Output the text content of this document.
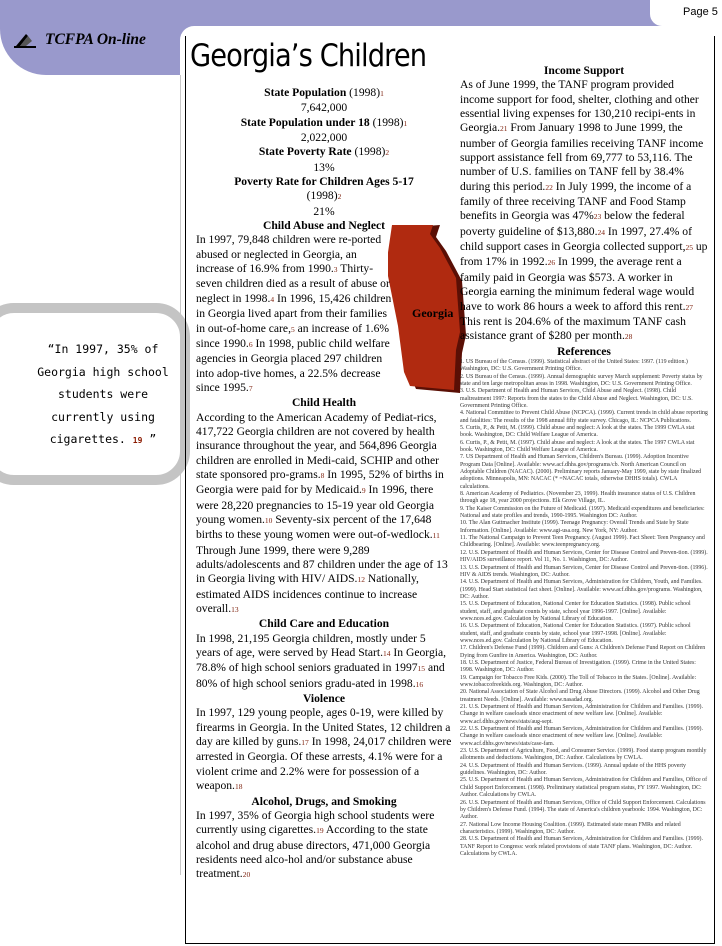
Page 5
TCFPA On-line
“In 1997, 35% of Georgia high school students were currently using cigarettes. 19 ”
Georgia’s Children
Georgia
State Population (1998)1
7,642,000
State Population under 18 (1998)1
2,022,000
State Poverty Rate (1998)2
13%
Poverty Rate for Children Ages 5-17
(1998)2
21%
Child Abuse and Neglect
In 1997, 79,848 children were re-ported abused or neglected in Georgia, an increase of 16.9% from 1990.3 Thirty-seven children died as a result of abuse or neglect in 1998.4 In 1996, 15,426 children in Georgia lived apart from their families in out-of-home care,5 an increase of 1.6% since 1990.6 In 1998, public child welfare agencies in Georgia placed 297 children into adop-tive homes, a 22.5% decrease since 1995.7
Child Health
According to the American Academy of Pediat-rics, 417,722 Georgia children are not covered by health insurance throughout the year, and 564,896 Georgia children are enrolled in Medi-caid, SCHIP and other state sponsored pro-grams.8 In 1995, 52% of births in Georgia were paid for by Medicaid.9 In 1996, there were 28,220 pregnancies to 15-19 year old Georgia young women.10 Seventy-six percent of the 17,648 births to these young women were out-of-wedlock.11 Through June 1999, there were 9,289 adults/adolescents and 87 children under the age of 13 in Georgia living with HIV/ AIDS.12 Nationally, estimated AIDS incidences continue to increase overall.13
Child Care and Education
In 1998, 21,195 Georgia children, mostly under 5 years of age, were served by Head Start.14 In Georgia, 78.8% of high school seniors graduated in 199715 and 80% of high school seniors gradu-ated in 1998.16
Violence
In 1997, 129 young people, ages 0-19, were killed by firearms in Georgia. In the United States, 12 children a day are killed by guns.17 In 1998, 24,017 children were arrested in Georgia. Of these arrests, 4.1% were for a violent crime and 2.2% were for possession of a weapon.18
Alcohol, Drugs, and Smoking
In 1997, 35% of Georgia high school students were currently using cigarettes.19 According to the state alcohol and drug abuse directors, 471,000 Georgia residents need alco-hol and/or substance abuse treatment.20
Income Support
As of June 1999, the TANF program provided income support for food, shelter, clothing and other essential living expenses for 130,210 recipi-ents in Georgia.21 From January 1998 to June 1999, the number of Georgia families receiving TANF income support assistance fell from 69,777 to 53,116. The number of U.S. families on TANF fell by 38.4% during this period.22 In July 1999, the income of a family of three receiving TANF and Food Stamp benefits in Georgia was 47%23 below the federal poverty guideline of $13,880.24 In 1997, 27.4% of child support cases in Georgia collected support,25 up from 17% in 1992.26 In 1999, the average rent a family paid in Georgia was $573. A worker in Georgia earning the minimum federal wage would have to work 86 hours a week to afford this rent.27 This rent is 204.6% of the maximum TANF cash assistance grant of $280 per month.28
References
1. US Bureau of the Census. (1999). Statistical abstract of the United States: 1997. (119 edition.) Washington, DC: U.S. Government Printing Office.
2. US Bureau of the Census. (1999). Annual demographic survey March supplement: Poverty status by state and ten large metropolitan areas in 1998. Washington, DC: U.S. Government Printing Office.
3. U.S. Department of Health and Human Services, Child Abuse and Neglect. (1998). Child maltreatment 1997: Reports from the states to the Child Abuse and Neglect. Washington, DC: U.S. Government Printing Office.
4. National Committee to Prevent Child Abuse (NCPCA). (1999). Current trends in child abuse reporting and fatalities: The results of the 1998 annual fifty state survey. Chicago, IL: NCPCA Publications.
5. Curtis, P., & Petit, M. (1999). Child abuse and neglect: A look at the states. The 1999 CWLA stat book. Washington, DC: Child Welfare League of America.
6. Curtis, P., & Petit, M. (1997). Child abuse and neglect: A look at the states. The 1997 CWLA stat book. Washington, DC: Child Welfare League of America.
7. US Department of Health and Human Services, Children's Bureau. (1999). Adoption Incentive Program Data [Online]. Available: www.acf.dhhs.gov/programs/cb. North American Council on Adoptable Children (NACAC). (2000). Preliminary reports January-May 1999, state by state finalized adoptions. Minneapolis, MN: NACAC (* =NACAC totals, otherwise DHHS totals). CWLA calculations.
8. American Academy of Pediatrics. (November 23, 1999). Health insurance status of U.S. Children through age 18, year 2000 projections. Elk Grove Village, IL.
9. The Kaiser Commission on the Future of Medicaid. (1997). Medicaid expenditures and beneficiaries: National and state profiles and trends, 1990-1995. Washington DC: Author.
10. The Alan Guttmacher Institute (1999). Teenage Pregnancy: Overall Trends and State by State Information. [Online]. Available: www.agi-usa.org. New York, NY: Author.
11. The National Campaign to Prevent Teen Pregnancy. (August 1999). Fact Sheet: Teen Pregnancy and Childbearing. [Online]. Available: www.teenpregnancy.org.
12. U.S. Department of Health and Human Services, Center for Disease Control and Preven-tion. (1999). HIV/AIDS surveillance report. Vol 11, No. 1. Washington, DC: Author.
13. U.S. Department of Health and Human Services, Center for Disease Control and Preven-tion. (1996). HIV & AIDS trends. Washington, DC: Author.
14. U.S. Department of Health and Human Services, Administration for Children, Youth, and Families. (1999). Head Start statistical fact sheet. [Online]. Available: www.acf.dhhs.gov/programs. Washington, DC: Author.
15. U.S. Department of Education, National Center for Education Statistics. (1998). Public school student, staff, and graduate counts by state, school year 1996-1997. [Online]. Available: www.nces.ed.gov. Calculation by National Library of Education.
16. U.S. Department of Education, National Center for Education Statistics. (1997). Public school student, staff, and graduate counts by state, school year 1997-1998. [Online]. Available: www.nces.ed.gov. Calculation by National Library of Education.
17. Children's Defense Fund (1999). Children and Guns: A Children's Defense Fund Report on Children Dying from Gunfire in America. Washington, DC: Author.
18. U.S. Department of Justice, Federal Bureau of Investigation. (1999). Crime in the United States: 1998. Washington, DC: Author.
19. Campaign for Tobacco Free Kids. (2000). The Toll of Tobacco in the States. [Online]. Available: www.tobaccofreekids.org. Washington, DC: Author.
20. National Association of State Alcohol and Drug Abuse Directors. (1999). Alcohol and Other Drug treatment Needs. [Online]. Available: www.nasadad.org.
21. U.S. Department of Health and Human Services, Administration for Children and Families. (1999). Change in welfare caseloads since enactment of new welfare law. [Online]. Available: www.acf.dhhs.gov/news/stats/aug-sept.
22. U.S. Department of Health and Human Services, Administration for Children and Families. (1999). Change in welfare caseloads since enactment of new welfare law. [Online]. Available: www.acf.dhhs.gov/news/stats/case-fam.
23. U.S. Department of Agriculture, Food, and Consumer Service. (1999). Food stamp program monthly allotments and deductions. Washington, DC: Author. Calculations by CWLA.
24. U.S. Department of Health and Human Services. (1999). Annual update of the HHS poverty guidelines. Washington, DC: Author.
25. U.S. Department of Health and Human Services, Administration for Children and Families, Office of Child Support Enforcement. (1998). Preliminary statistical program status, FY 1997. Washington, DC: Author. Calculations by CWLA.
26. U.S. Department of Health and Human Services, Office of Child Support Enforcement. Calculations by Children's Defense Fund. (1994). The state of America's children yearbook: 1994. Washington, DC: Author.
27. National Low Income Housing Coalition. (1999). Estimated state mean FMRs and related characteristics. (1999). Washington, DC: Author.
28. U.S. Department of Health and Human Services, Administration for Children and Families. (1999). TANF Report to Congress: work related provisions of state TANF plans. Washington, DC: Author. Calculations by CWLA.
